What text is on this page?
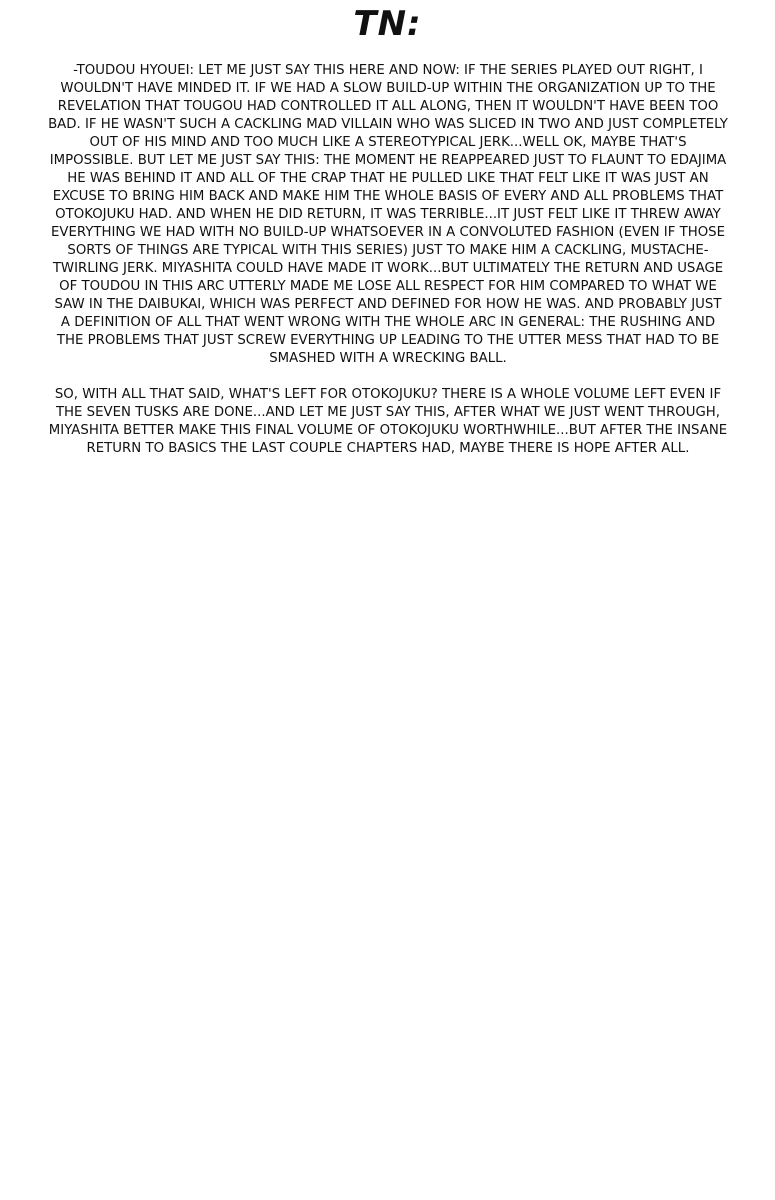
TN:

-TOUDOU HYOUEI: LET ME JUST SAY THIS HERE AND NOW: IF THE SERIES PLAYED OUT RIGHT, I WOULDN'T HAVE MINDED IT. IF WE HAD A SLOW BUILD-UP WITHIN THE ORGANIZATION UP TO THE REVELATION THAT TOUGOU HAD CONTROLLED IT ALL ALONG, THEN IT WOULDN'T HAVE BEEN TOO BAD. IF HE WASN'T SUCH A CACKLING MAD VILLAIN WHO WAS SLICED IN TWO AND JUST COMPLETELY OUT OF HIS MIND AND TOO MUCH LIKE A STEREOTYPICAL JERK...WELL OK, MAYBE THAT'S IMPOSSIBLE. BUT LET ME JUST SAY THIS: THE MOMENT HE REAPPEARED JUST TO FLAUNT TO EDAJIMA HE WAS BEHIND IT AND ALL OF THE CRAP THAT HE PULLED LIKE THAT FELT LIKE IT WAS JUST AN EXCUSE TO BRING HIM BACK AND MAKE HIM THE WHOLE BASIS OF EVERY AND ALL PROBLEMS THAT OTOKOJUKU HAD. AND WHEN HE DID RETURN, IT WAS TERRIBLE...IT JUST FELT LIKE IT THREW AWAY EVERYTHING WE HAD WITH NO BUILD-UP WHATSOEVER IN A CONVOLUTED FASHION (EVEN IF THOSE SORTS OF THINGS ARE TYPICAL WITH THIS SERIES) JUST TO MAKE HIM A CACKLING, MUSTACHE-TWIRLING JERK. MIYASHITA COULD HAVE MADE IT WORK...BUT ULTIMATELY THE RETURN AND USAGE OF TOUDOU IN THIS ARC UTTERLY MADE ME LOSE ALL RESPECT FOR HIM COMPARED TO WHAT WE SAW IN THE DAIBUKAI, WHICH WAS PERFECT AND DEFINED FOR HOW HE WAS. AND PROBABLY JUST A DEFINITION OF ALL THAT WENT WRONG WITH THE WHOLE ARC IN GENERAL: THE RUSHING AND THE PROBLEMS THAT JUST SCREW EVERYTHING UP LEADING TO THE UTTER MESS THAT HAD TO BE SMASHED WITH A WRECKING BALL.

SO, WITH ALL THAT SAID, WHAT'S LEFT FOR OTOKOJUKU? THERE IS A WHOLE VOLUME LEFT EVEN IF THE SEVEN TUSKS ARE DONE...AND LET ME JUST SAY THIS, AFTER WHAT WE JUST WENT THROUGH, MIYASHITA BETTER MAKE THIS FINAL VOLUME OF OTOKOJUKU WORTHWHILE...BUT AFTER THE INSANE RETURN TO BASICS THE LAST COUPLE CHAPTERS HAD, MAYBE THERE IS HOPE AFTER ALL.
